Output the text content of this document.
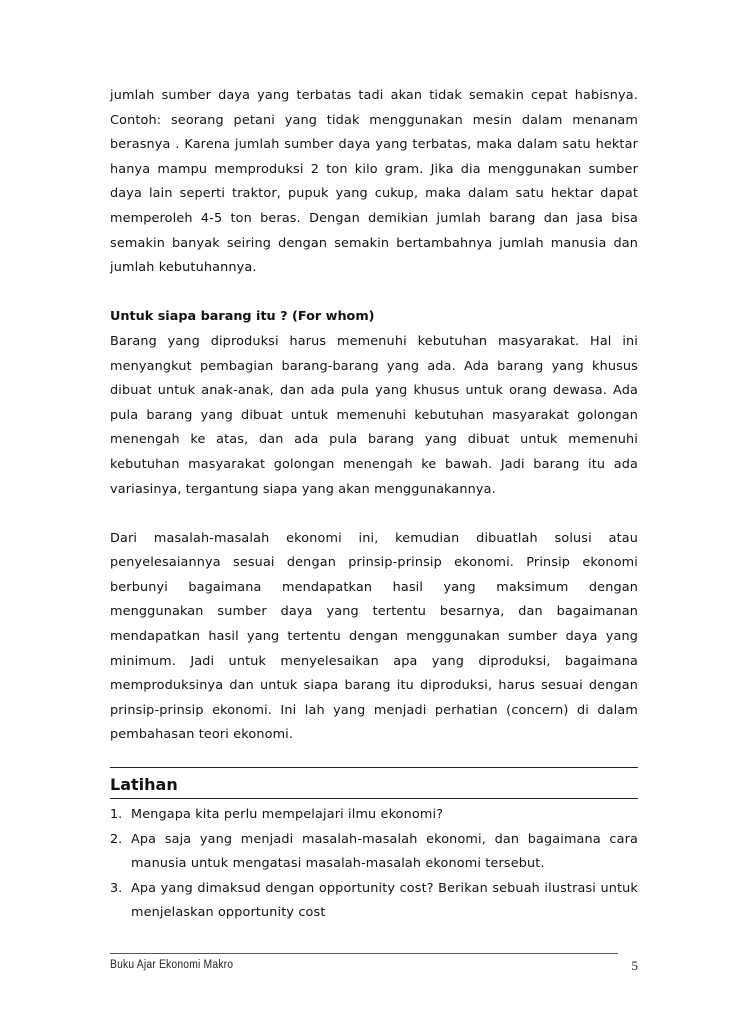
jumlah sumber daya yang terbatas tadi akan tidak semakin cepat habisnya. Contoh: seorang petani yang tidak menggunakan mesin dalam menanam berasnya . Karena jumlah sumber daya yang terbatas, maka dalam satu hektar hanya mampu memproduksi 2 ton kilo gram. Jika dia menggunakan sumber daya lain seperti traktor, pupuk yang cukup, maka dalam satu hektar dapat memperoleh 4-5 ton beras. Dengan demikian jumlah barang dan jasa bisa semakin banyak seiring dengan semakin bertambahnya jumlah manusia dan jumlah kebutuhannya.

Untuk siapa barang itu ? (For whom)

Barang yang diproduksi harus memenuhi kebutuhan masyarakat. Hal ini menyangkut pembagian barang-barang yang ada. Ada barang yang khusus dibuat untuk anak-anak, dan ada pula yang khusus untuk orang dewasa. Ada pula barang yang dibuat untuk memenuhi kebutuhan masyarakat golongan menengah ke atas, dan ada pula barang yang dibuat untuk memenuhi kebutuhan masyarakat golongan menengah ke bawah. Jadi barang itu ada variasinya, tergantung siapa yang akan menggunakannya.

Dari masalah-masalah ekonomi ini, kemudian dibuatlah solusi atau penyelesaiannya sesuai dengan prinsip-prinsip ekonomi. Prinsip ekonomi berbunyi bagaimana mendapatkan hasil yang maksimum dengan menggunakan sumber daya yang tertentu besarnya, dan bagaimanan mendapatkan hasil yang tertentu dengan menggunakan sumber daya yang minimum. Jadi untuk menyelesaikan apa yang diproduksi, bagaimana memproduksinya dan untuk siapa barang itu diproduksi, harus sesuai dengan prinsip-prinsip ekonomi. Ini lah yang menjadi perhatian (concern) di dalam pembahasan teori ekonomi.

Latihan

1. Mengapa kita perlu mempelajari ilmu ekonomi?
2. Apa saja yang menjadi masalah-masalah ekonomi, dan bagaimana cara manusia untuk mengatasi masalah-masalah ekonomi tersebut.
3. Apa yang dimaksud dengan opportunity cost? Berikan sebuah ilustrasi untuk menjelaskan opportunity cost
Buku Ajar Ekonomi Makro	5
